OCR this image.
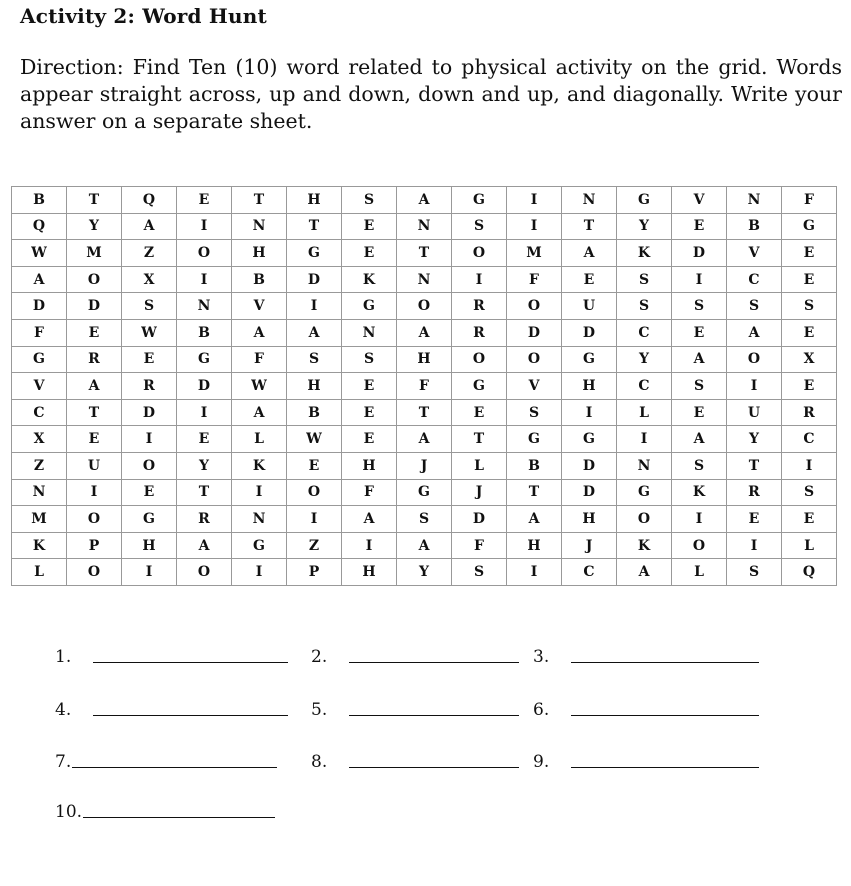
Activity 2: Word Hunt
Direction: Find Ten (10) word related to physical activity on the grid. Words appear straight across, up and down, down and up, and diagonally. Write your answer on a separate sheet.
B	T	Q	E	T	H	S	A	G	I	N	G	V	N	F
Q	Y	A	I	N	T	E	N	S	I	T	Y	E	B	G
W	M	Z	O	H	G	E	T	O	M	A	K	D	V	E
A	O	X	I	B	D	K	N	I	F	E	S	I	C	E
D	D	S	N	V	I	G	O	R	O	U	S	S	S	S
F	E	W	B	A	A	N	A	R	D	D	C	E	A	E
G	R	E	G	F	S	S	H	O	O	G	Y	A	O	X
V	A	R	D	W	H	E	F	G	V	H	C	S	I	E
C	T	D	I	A	B	E	T	E	S	I	L	E	U	R
X	E	I	E	L	W	E	A	T	G	G	I	A	Y	C
Z	U	O	Y	K	E	H	J	L	B	D	N	S	T	I
N	I	E	T	I	O	F	G	J	T	D	G	K	R	S
M	O	G	R	N	I	A	S	D	A	H	O	I	E	E
K	P	H	A	G	Z	I	A	F	H	J	K	O	I	L
L	O	I	O	I	P	H	Y	S	I	C	A	L	S	Q
1.	2.	3.
4.	5.	6.
7.	8.	9.
10.
